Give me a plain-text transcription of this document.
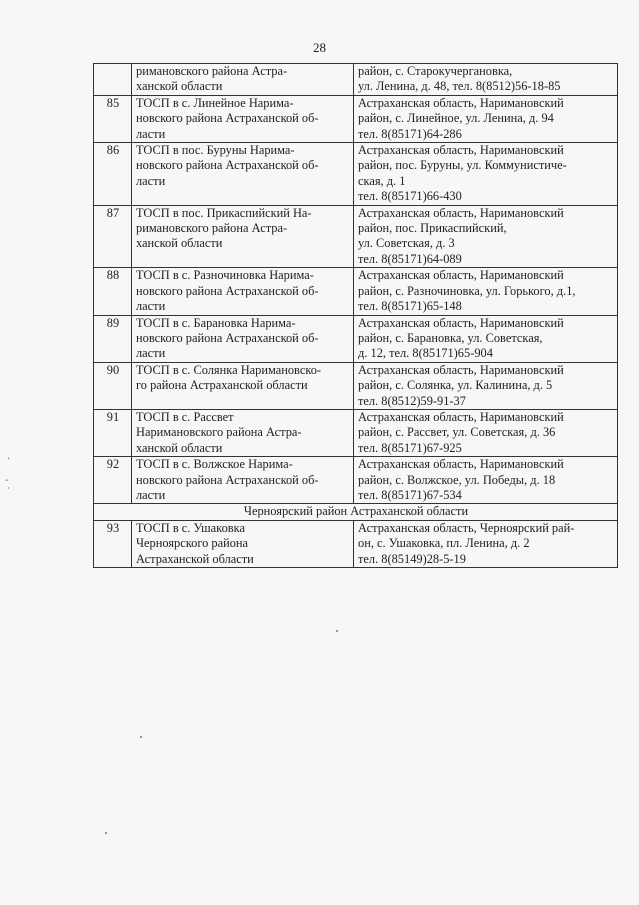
28
	римановского района Астра-
ханской области	район, с. Старокучергановка,
ул. Ленина, д. 48, тел. 8(8512)56-18-85
85	ТОСП в с. Линейное Нарима-
новского района Астраханской об-
ласти	Астраханская область, Наримановский
район, с. Линейное, ул. Ленина, д. 94
тел. 8(85171)64-286
86	ТОСП в пос. Буруны Нарима-
новского района Астраханской об-
ласти	Астраханская область, Наримановский
район, пос. Буруны, ул. Коммунистиче-
ская, д. 1
тел. 8(85171)66-430
87	ТОСП в пос. Прикаспийский На-
римановского района Астра-
ханской области	Астраханская область, Наримановский
район, пос. Прикаспийский,
ул. Советская, д. 3
тел. 8(85171)64-089
88	ТОСП в с. Разночиновка Нарима-
новского района Астраханской об-
ласти	Астраханская область, Наримановский
район, с. Разночиновка, ул. Горького, д.1,
тел. 8(85171)65-148
89	ТОСП в с. Барановка Нарима-
новского района Астраханской об-
ласти	Астраханская область, Наримановский
район, с. Барановка, ул. Советская,
д. 12, тел. 8(85171)65-904
90	ТОСП в с. Солянка Наримановско-
го района Астраханской области	Астраханская область, Наримановский
район, с. Солянка, ул. Калинина, д. 5
тел. 8(8512)59-91-37
91	ТОСП в с. Рассвет
Наримановского района Астра-
ханской области	Астраханская область, Наримановский
район, с. Рассвет, ул. Советская, д. 36
тел. 8(85171)67-925
92	ТОСП в с. Волжское Нарима-
новского района Астраханской об-
ласти	Астраханская область, Наримановский
район, с. Волжское, ул. Победы, д. 18
тел. 8(85171)67-534
Черноярский район Астраханской области		
93	ТОСП в с. Ушаковка
Черноярского района
Астраханской области	Астраханская область, Черноярский рай-
он, с. Ушаковка, пл. Ленина, д. 2
тел. 8(85149)28-5-19
·
-
˙
